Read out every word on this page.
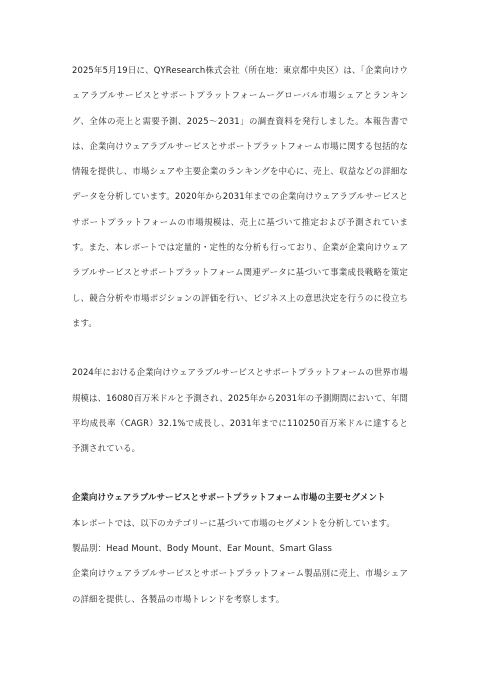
2025年5月19日に、QYResearch株式会社（所在地：東京都中央区）は、「企業向けウェアラブルサービスとサポートプラットフォームーグローバル市場シェアとランキング、全体の売上と需要予測、2025～2031」の調査資料を発行しました。本報告書では、企業向けウェアラブルサービスとサポートプラットフォーム市場に関する包括的な情報を提供し、市場シェアや主要企業のランキングを中心に、売上、収益などの詳細なデータを分析しています。2020年から2031年までの企業向けウェアラブルサービスとサポートプラットフォームの市場規模は、売上に基づいて推定および予測されています。また、本レポートでは定量的・定性的な分析も行っており、企業が企業向けウェアラブルサービスとサポートプラットフォーム関連データに基づいて事業成長戦略を策定し、競合分析や市場ポジションの評価を行い、ビジネス上の意思決定を行うのに役立ちます。

2024年における企業向けウェアラブルサービスとサポートプラットフォームの世界市場規模は、16080百万米ドルと予測され、2025年から2031年の予測期間において、年間平均成長率（CAGR）32.1%で成長し、2031年までに110250百万米ドルに達すると予測されている。

企業向けウェアラブルサービスとサポートプラットフォーム市場の主要セグメント

本レポートでは、以下のカテゴリーに基づいて市場のセグメントを分析しています。

製品別：Head Mount、Body Mount、Ear Mount、Smart Glass

企業向けウェアラブルサービスとサポートプラットフォーム製品別に売上、市場シェアの詳細を提供し、各製品の市場トレンドを考察します。
